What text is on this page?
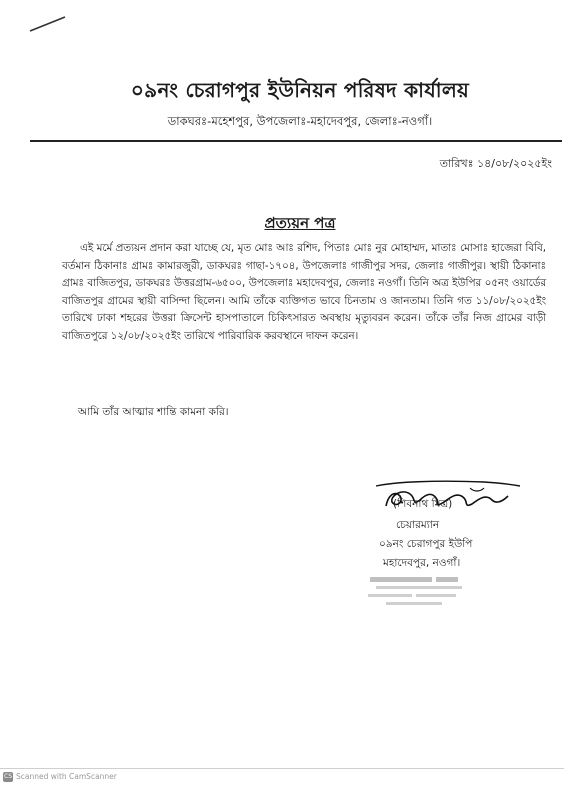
০৯নং চেরাগপুর ইউনিয়ন পরিষদ কার্যালয়
ডাকঘরঃ-মহেশপুর, উপজেলাঃ-মহাদেবপুর, জেলাঃ-নওগাঁ।
তারিখঃ ১৪/০৮/২০২৫ইং
প্রত্যয়ন পত্র
এই মর্মে প্রত্যয়ন প্রদান করা যাচ্ছে যে, মৃত মোঃ আঃ রশিদ, পিতাঃ মোঃ নুর মোহাম্মদ, মাতাঃ মোসাঃ হাজেরা বিবি, বর্তমান ঠিকানাঃ গ্রামঃ কামারজুরী, ডাকঘরঃ গাছা-১৭০৪, উপজেলাঃ গাজীপুর সদর, জেলাঃ গাজীপুর। স্থায়ী ঠিকানাঃ গ্রামঃ বাজিতপুর, ডাকঘরঃ উত্তরগ্রাম-৬৫০০, উপজেলাঃ মহাদেবপুর, জেলাঃ নওগাঁ। তিনি অত্র ইউপির ০৫নং ওয়ার্ডের বাজিতপুর গ্রামের স্থায়ী বাসিন্দা ছিলেন। আমি তাঁকে ব্যক্তিগত ভাবে চিনতাম ও জানতাম। তিনি গত ১১/০৮/২০২৫ইং তারিখে ঢাকা শহরের উত্তরা ক্রিসেন্ট হাসপাতালে চিকিৎসারত অবস্থায় মৃত্যুবরন করেন। তাঁকে তাঁর নিজ গ্রামের বাড়ী বাজিতপুরে ১২/০৮/২০২৫ইং তারিখে পারিবারিক করবস্থানে দাফন করেন।
আমি তাঁর আত্মার শান্তি কামনা করি।
(শিবনাথ মিত্র)
চেয়ারম্যান
০৯নং চেরাগপুর ইউপি
মহাদেবপুর, নওগাঁ।
CS Scanned with CamScanner
